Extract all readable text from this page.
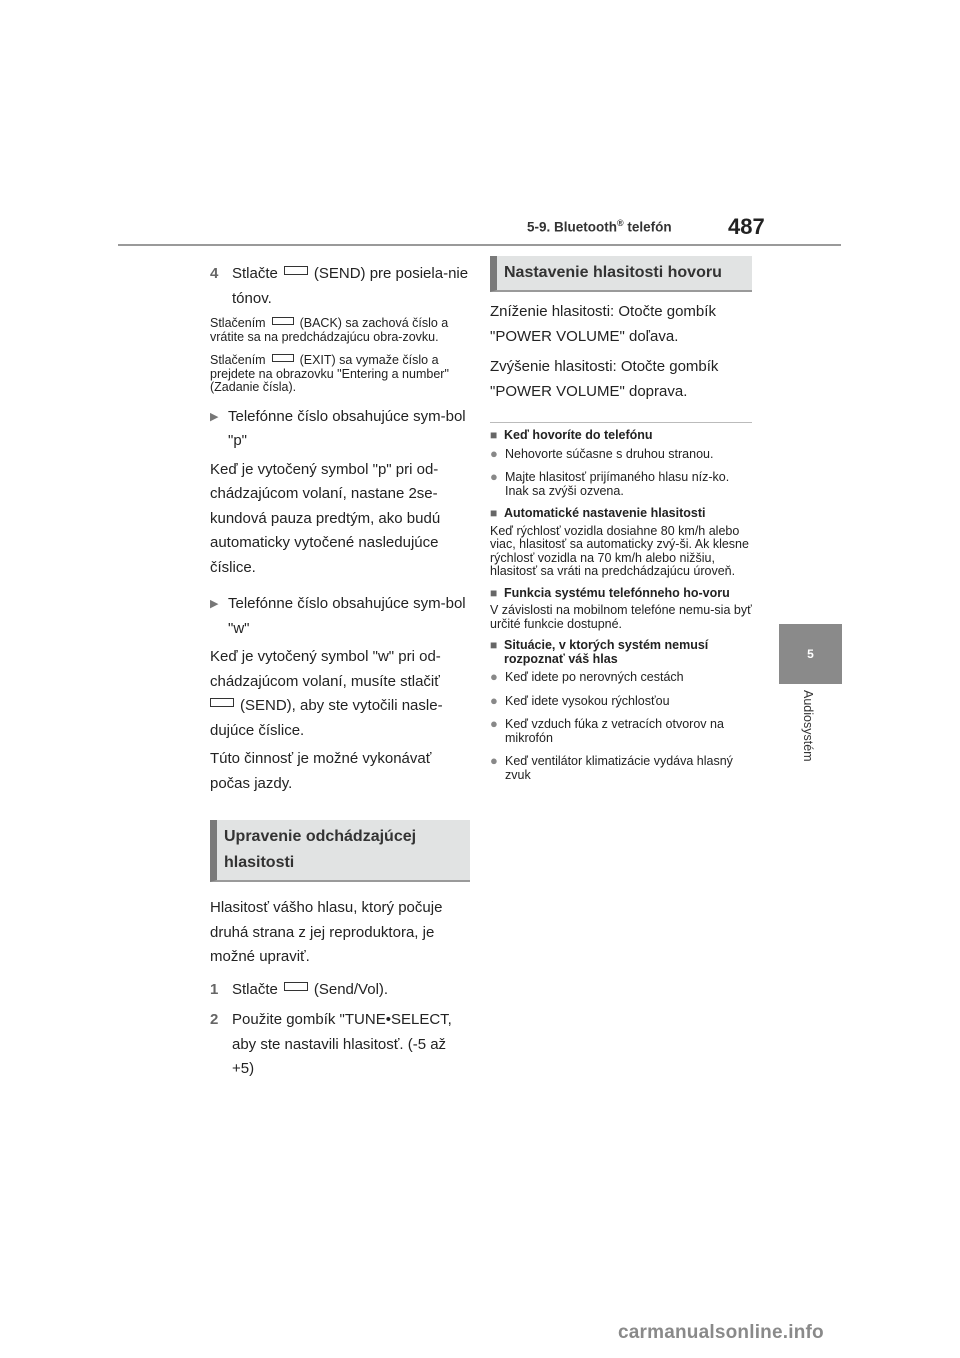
5-9. Bluetooth® telefón	487
5
Audiosystém

4 Stlačte (SEND) pre posiela-nie tónov.

Stlačením	(BACK) sa zachová číslo a vrátite sa na predchádzajúcu obra-zovku.

Stlačením	(EXIT) sa vymaže číslo a prejdete na obrazovku "Entering a number" (Zadanie čísla).

▶ Telefónne číslo obsahujúce sym-bol "p"

Keď je vytočený symbol "p" pri od-chádzajúcom volaní, nastane 2se-kundová pauza predtým, ako budú automaticky vytočené nasledujúce číslice.

▶ Telefónne číslo obsahujúce sym-bol "w"

Keď je vytočený symbol "w" pri od-chádzajúcom volaní, musíte stlačiť
(SEND), aby ste vytočili nasle-dujúce číslice.

Túto činnosť je možné vykonávať počas jazdy.

Upravenie odchádzajúcej hlasitosti

Hlasitosť vášho hlasu, ktorý počuje druhá strana z jej reproduktora, je možné upraviť.

1 Stlačte (Send/Vol).

2 Použite gombík "TUNE•SELECT, aby ste nastavili hlasitosť. (-5 až +5)

Nastavenie hlasitosti hovoru

Zníženie hlasitosti: Otočte gombík "POWER VOLUME" doľava.

Zvýšenie hlasitosti: Otočte gombík "POWER VOLUME" doprava.

■ Keď hovoríte do telefónu

● Nehovorte súčasne s druhou stranou.

● Majte hlasitosť prijímaného hlasu níz-ko. Inak sa zvýši ozvena.

■ Automatické nastavenie hlasitosti

Keď rýchlosť vozidla dosiahne 80 km/h alebo viac, hlasitosť sa automaticky zvý-ši. Ak klesne rýchlosť vozidla na 70 km/h alebo nižšiu, hlasitosť sa vráti na predchádzajúcu úroveň.

■ Funkcia systému telefónneho ho-voru

V závislosti na mobilnom telefóne nemu-sia byť určité funkcie dostupné.

■ Situácie, v ktorých systém nemusí rozpoznať váš hlas

● Keď idete po nerovných cestách

● Keď idete vysokou rýchlosťou

● Keď vzduch fúka z vetracích otvorov na mikrofón

● Keď ventilátor klimatizácie vydáva hlasný zvuk

carmanualsonline.info
